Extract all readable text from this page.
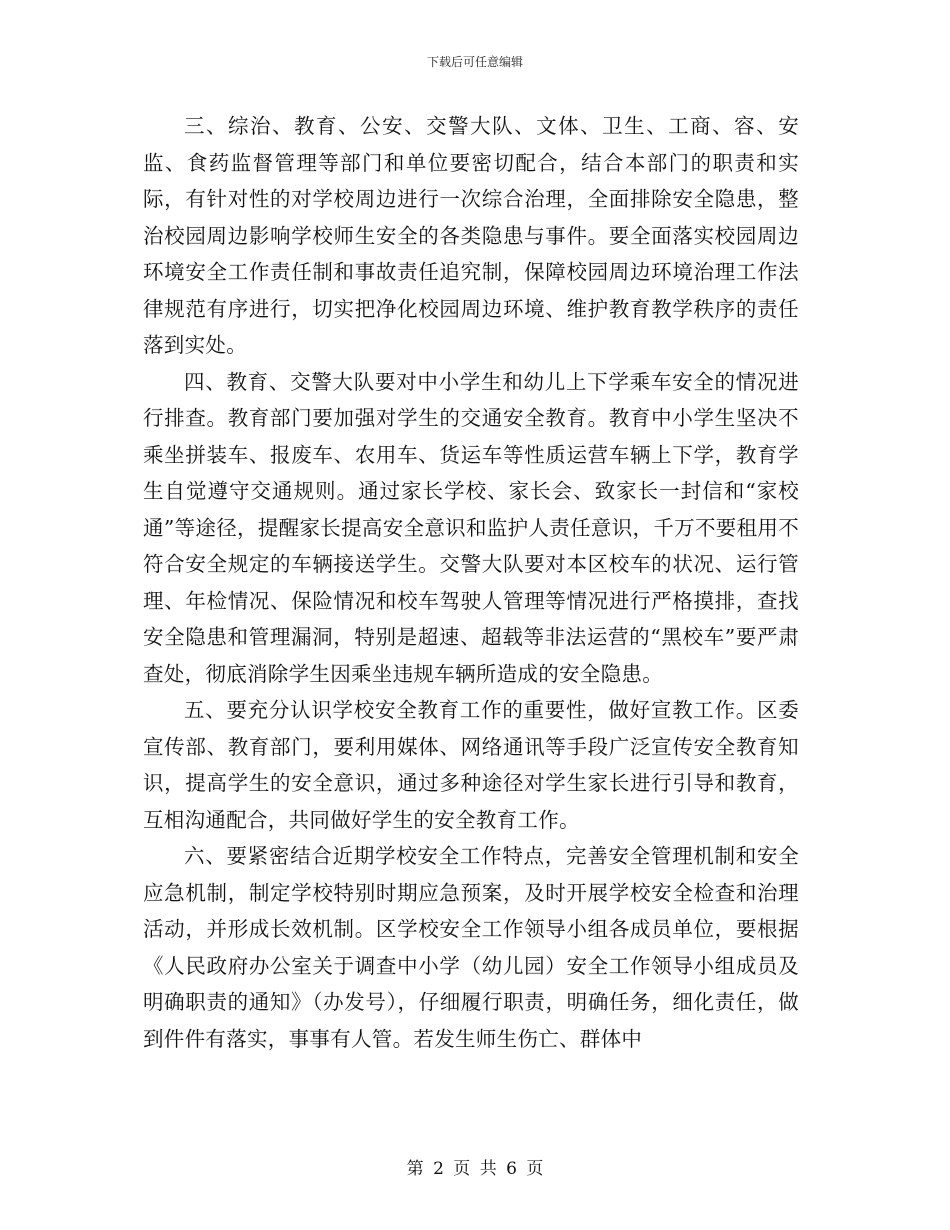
下载后可任意编辑

三、综治、教育、公安、交警大队、文体、卫生、工商、容、安监、食药监督管理等部门和单位要密切配合，结合本部门的职责和实际，有针对性的对学校周边进行一次综合治理，全面排除安全隐患，整治校园周边影响学校师生安全的各类隐患与事件。要全面落实校园周边环境安全工作责任制和事故责任追究制，保障校园周边环境治理工作法律规范有序进行，切实把净化校园周边环境、维护教育教学秩序的责任落到实处。

四、教育、交警大队要对中小学生和幼儿上下学乘车安全的情况进行排查。教育部门要加强对学生的交通安全教育。教育中小学生坚决不乘坐拼装车、报废车、农用车、货运车等性质运营车辆上下学，教育学生自觉遵守交通规则。通过家长学校、家长会、致家长一封信和“家校通”等途径，提醒家长提高安全意识和监护人责任意识，千万不要租用不符合安全规定的车辆接送学生。交警大队要对本区校车的状况、运行管理、年检情况、保险情况和校车驾驶人管理等情况进行严格摸排，查找安全隐患和管理漏洞，特别是超速、超载等非法运营的“黑校车”要严肃查处，彻底消除学生因乘坐违规车辆所造成的安全隐患。

五、要充分认识学校安全教育工作的重要性，做好宣教工作。区委宣传部、教育部门，要利用媒体、网络通讯等手段广泛宣传安全教育知识，提高学生的安全意识，通过多种途径对学生家长进行引导和教育，互相沟通配合，共同做好学生的安全教育工作。

六、要紧密结合近期学校安全工作特点，完善安全管理机制和安全应急机制，制定学校特别时期应急预案，及时开展学校安全检查和治理活动，并形成长效机制。区学校安全工作领导小组各成员单位，要根据《人民政府办公室关于调查中小学（幼儿园）安全工作领导小组成员及明确职责的通知》（办发号），仔细履行职责，明确任务，细化责任，做到件件有落实，事事有人管。若发生师生伤亡、群体中

第 2 页 共 6 页
